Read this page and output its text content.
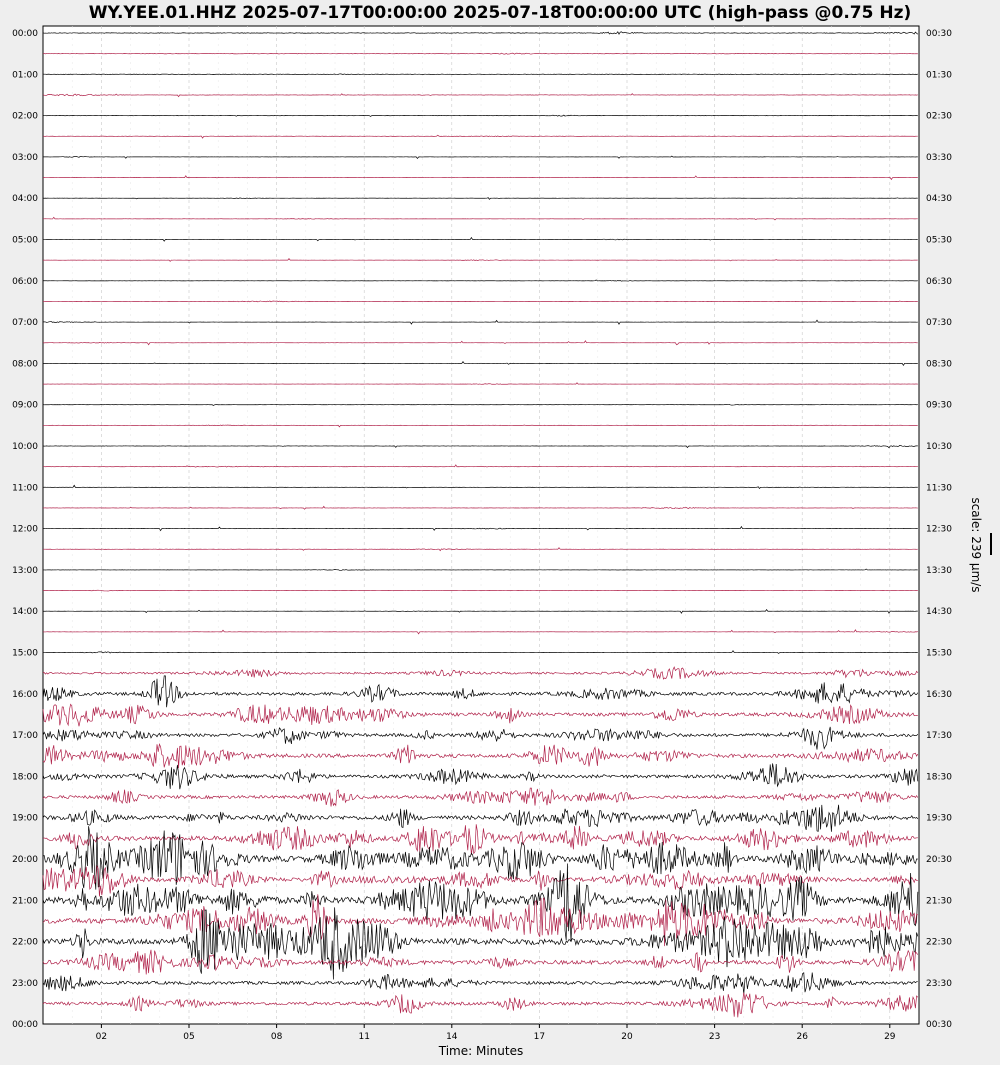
WY.YEE.01.HHZ 2025-07-17T00:00:00 2025-07-18T00:00:00 UTC (high-pass @0.75 Hz)
00:00
01:00
02:00
03:00
04:00
05:00
06:00
07:00
08:00
09:00
10:00
11:00
12:00
13:00
14:00
15:00
16:00
17:00
18:00
19:00
20:00
21:00
22:00
23:00
00:00
00:30
01:30
02:30
03:30
04:30
05:30
06:30
07:30
08:30
09:30
10:30
11:30
12:30
13:30
14:30
15:30
16:30
17:30
18:30
19:30
20:30
21:30
22:30
23:30
00:30
02	05	08	11	14	17	20	23	26	29
Time: Minutes
scale: 239 µm/s
